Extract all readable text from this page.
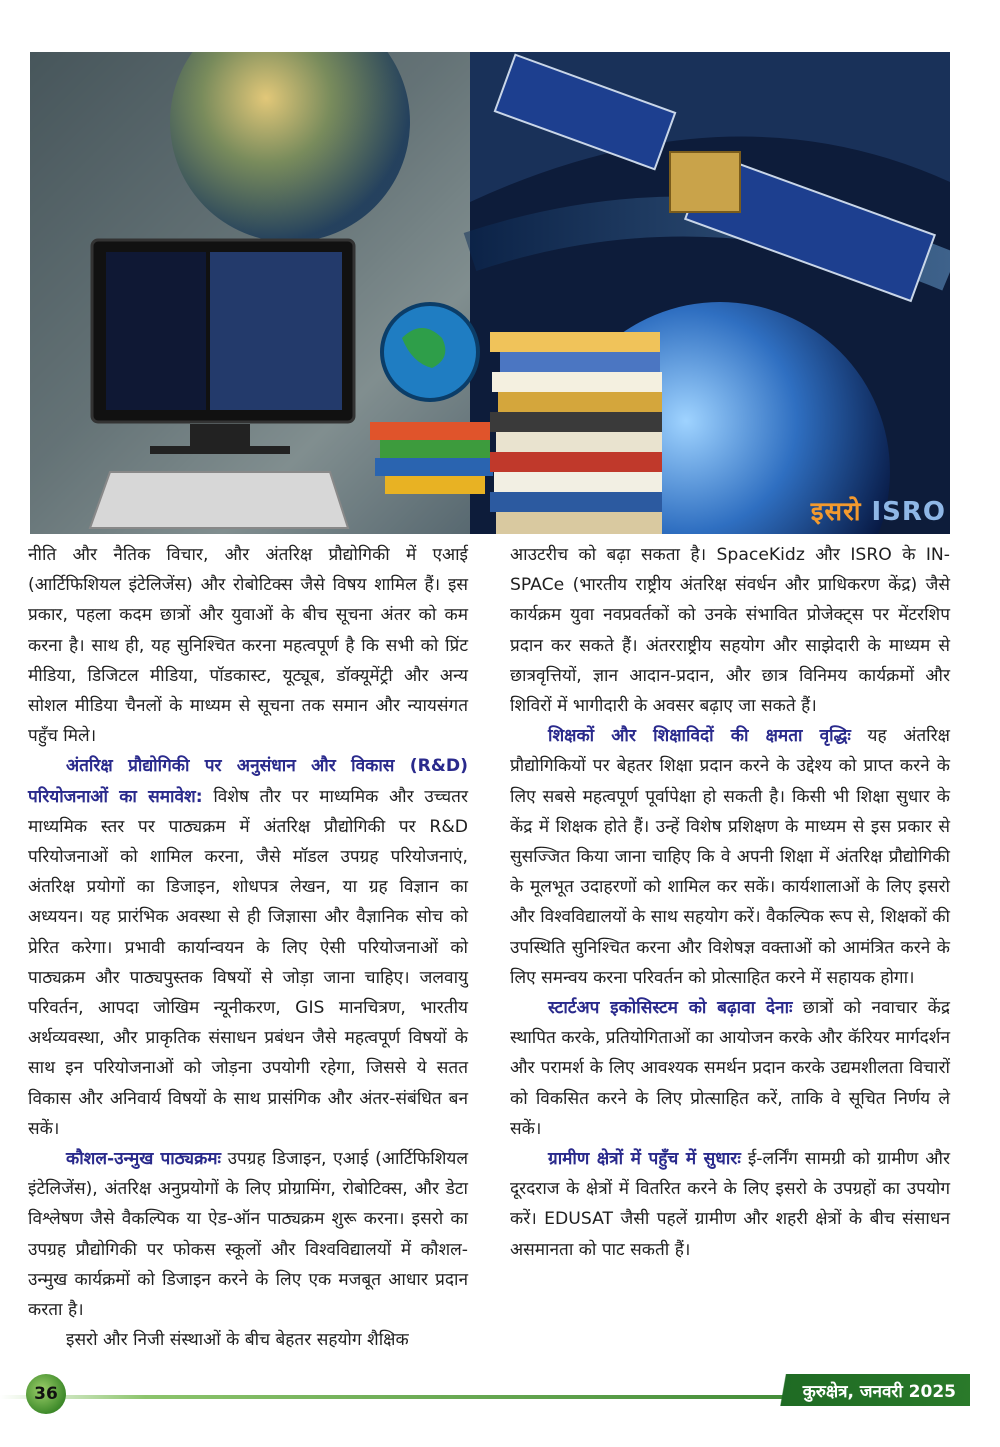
इसरो ISRO

नीति और नैतिक विचार, और अंतरिक्ष प्रौद्योगिकी में एआई (आर्टिफिशियल इंटेलिजेंस) और रोबोटिक्स जैसे विषय शामिल हैं। इस प्रकार, पहला कदम छात्रों और युवाओं के बीच सूचना अंतर को कम करना है। साथ ही, यह सुनिश्चित करना महत्वपूर्ण है कि सभी को प्रिंट मीडिया, डिजिटल मीडिया, पॉडकास्ट, यूट्यूब, डॉक्यूमेंट्री और अन्य सोशल मीडिया चैनलों के माध्यम से सूचना तक समान और न्यायसंगत पहुँच मिले।

अंतरिक्ष प्रौद्योगिकी पर अनुसंधान और विकास (R&D) परियोजनाओं का समावेश: विशेष तौर पर माध्यमिक और उच्चतर माध्यमिक स्तर पर पाठ्यक्रम में अंतरिक्ष प्रौद्योगिकी पर R&D परियोजनाओं को शामिल करना, जैसे मॉडल उपग्रह परियोजनाएं, अंतरिक्ष प्रयोगों का डिजाइन, शोधपत्र लेखन, या ग्रह विज्ञान का अध्ययन। यह प्रारंभिक अवस्था से ही जिज्ञासा और वैज्ञानिक सोच को प्रेरित करेगा। प्रभावी कार्यान्वयन के लिए ऐसी परियोजनाओं को पाठ्यक्रम और पाठ्यपुस्तक विषयों से जोड़ा जाना चाहिए। जलवायु परिवर्तन, आपदा जोखिम न्यूनीकरण, GIS मानचित्रण, भारतीय अर्थव्यवस्था, और प्राकृतिक संसाधन प्रबंधन जैसे महत्वपूर्ण विषयों के साथ इन परियोजनाओं को जोड़ना उपयोगी रहेगा, जिससे ये सतत विकास और अनिवार्य विषयों के साथ प्रासंगिक और अंतर-संबंधित बन सकें।

कौशल-उन्मुख पाठ्यक्रमः उपग्रह डिजाइन, एआई (आर्टिफिशियल इंटेलिजेंस), अंतरिक्ष अनुप्रयोगों के लिए प्रोग्रामिंग, रोबोटिक्स, और डेटा विश्लेषण जैसे वैकल्पिक या ऐड-ऑन पाठ्यक्रम शुरू करना। इसरो का उपग्रह प्रौद्योगिकी पर फोकस स्कूलों और विश्वविद्यालयों में कौशल-उन्मुख कार्यक्रमों को डिजाइन करने के लिए एक मजबूत आधार प्रदान करता है।

इसरो और निजी संस्थाओं के बीच बेहतर सहयोग शैक्षिक

आउटरीच को बढ़ा सकता है। SpaceKidz और ISRO के IN-SPACe (भारतीय राष्ट्रीय अंतरिक्ष संवर्धन और प्राधिकरण केंद्र) जैसे कार्यक्रम युवा नवप्रवर्तकों को उनके संभावित प्रोजेक्ट्स पर मेंटरशिप प्रदान कर सकते हैं। अंतरराष्ट्रीय सहयोग और साझेदारी के माध्यम से छात्रवृत्तियों, ज्ञान आदान-प्रदान, और छात्र विनिमय कार्यक्रमों और शिविरों में भागीदारी के अवसर बढ़ाए जा सकते हैं।

शिक्षकों और शिक्षाविदों की क्षमता वृद्धिः यह अंतरिक्ष प्रौद्योगिकियों पर बेहतर शिक्षा प्रदान करने के उद्देश्य को प्राप्त करने के लिए सबसे महत्वपूर्ण पूर्वापेक्षा हो सकती है। किसी भी शिक्षा सुधार के केंद्र में शिक्षक होते हैं। उन्हें विशेष प्रशिक्षण के माध्यम से इस प्रकार से सुसज्जित किया जाना चाहिए कि वे अपनी शिक्षा में अंतरिक्ष प्रौद्योगिकी के मूलभूत उदाहरणों को शामिल कर सकें। कार्यशालाओं के लिए इसरो और विश्वविद्यालयों के साथ सहयोग करें। वैकल्पिक रूप से, शिक्षकों की उपस्थिति सुनिश्चित करना और विशेषज्ञ वक्ताओं को आमंत्रित करने के लिए समन्वय करना परिवर्तन को प्रोत्साहित करने में सहायक होगा।

स्टार्टअप इकोसिस्टम को बढ़ावा देनाः छात्रों को नवाचार केंद्र स्थापित करके, प्रतियोगिताओं का आयोजन करके और कॅरियर मार्गदर्शन और परामर्श के लिए आवश्यक समर्थन प्रदान करके उद्यमशीलता विचारों को विकसित करने के लिए प्रोत्साहित करें, ताकि वे सूचित निर्णय ले सकें।

ग्रामीण क्षेत्रों में पहुँच में सुधारः ई-लर्निंग सामग्री को ग्रामीण और दूरदराज के क्षेत्रों में वितरित करने के लिए इसरो के उपग्रहों का उपयोग करें। EDUSAT जैसी पहलें ग्रामीण और शहरी क्षेत्रों के बीच संसाधन असमानता को पाट सकती हैं।

36	कुरुक्षेत्र, जनवरी 2025
